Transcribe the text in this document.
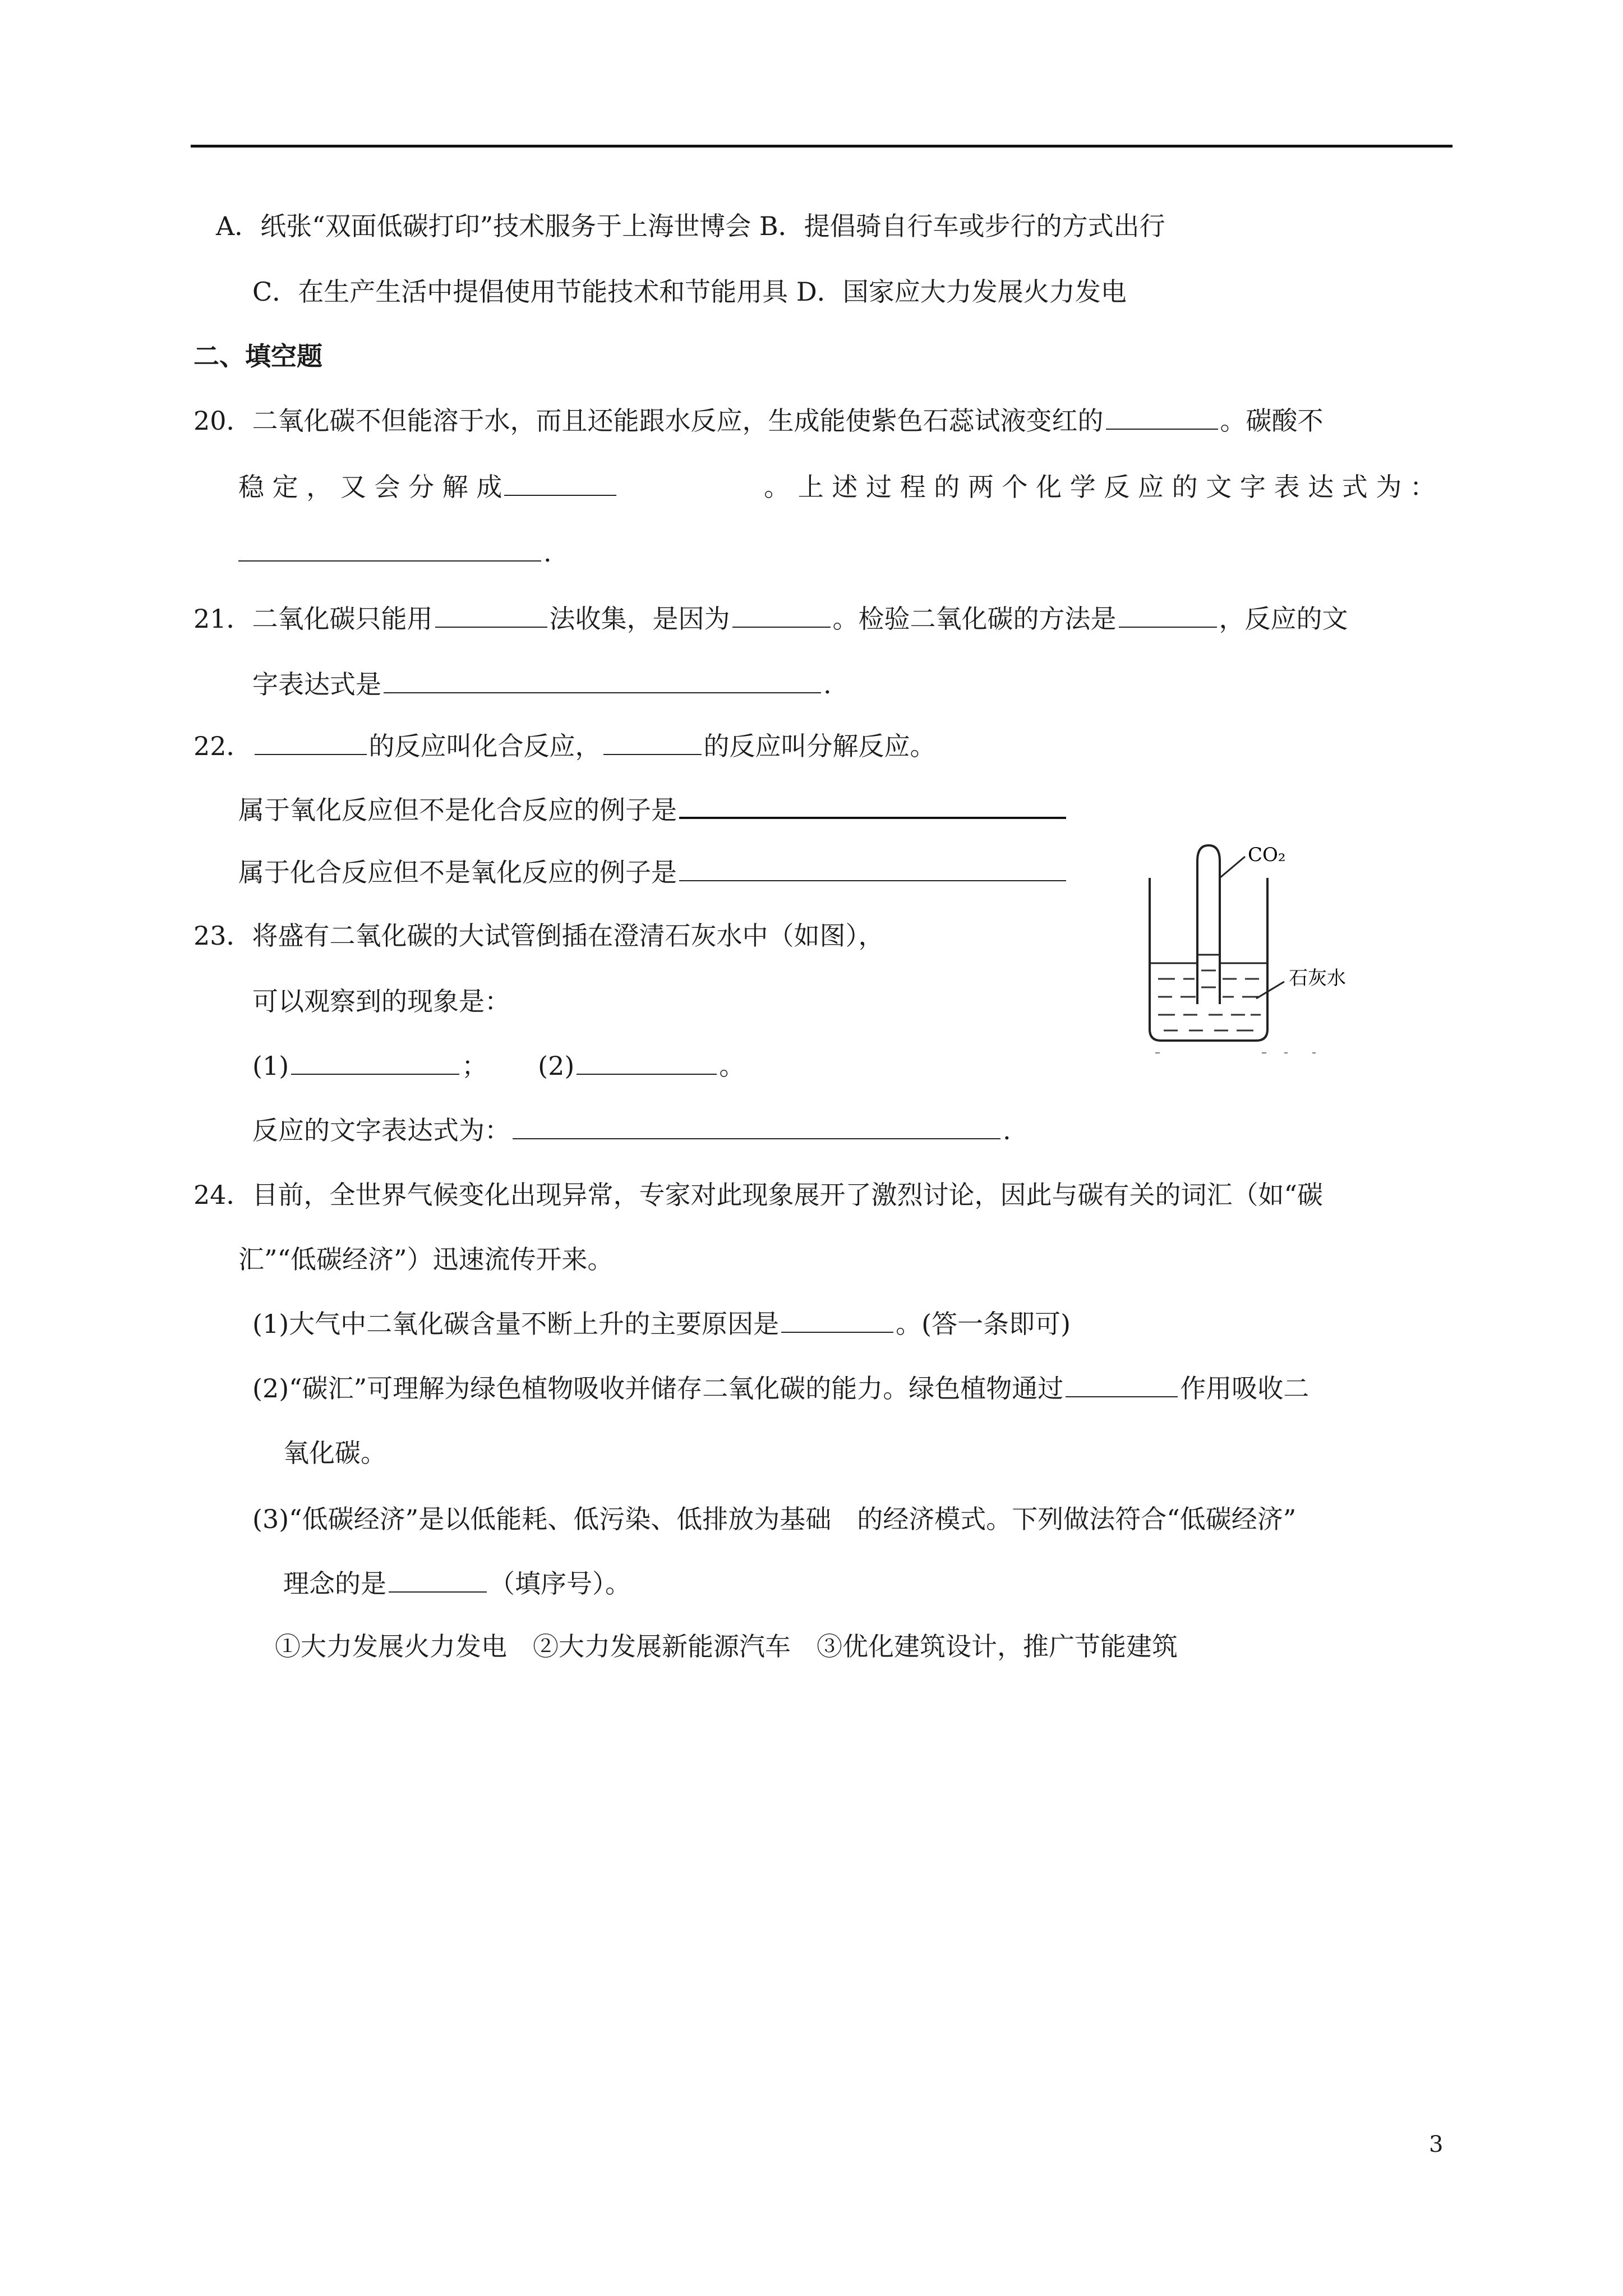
A．纸张“双面低碳打印”技术服务于上海世博会 B．提倡骑自行车或步行的方式出行
C．在生产生活中提倡使用节能技术和节能用具 D．国家应大力发展火力发电
二、填空题
20．二氧化碳不但能溶于水，而且还能跟水反应，生成能使紫色石蕊试液变红的	。碳酸不
稳 定 ， 又 会 分 解 成	。 上 述 过 程 的 两 个 化 学 反 应 的 文 字 表 达 式 为 ：
.
21．二氧化碳只能用	法收集，是因为	。检验二氧化碳的方法是	，反应的文
字表达式是	.
22．	的反应叫化合反应，	的反应叫分解反应。
属于氧化反应但不是化合反应的例子是
属于化合反应但不是氧化反应的例子是
23．将盛有二氧化碳的大试管倒插在澄清石灰水中（如图），
可以观察到的现象是：
(1)	； (2)	。
反应的文字表达式为：	.
CO₂
石灰水
24．目前，全世界气候变化出现异常，专家对此现象展开了激烈讨论，因此与碳有关的词汇（如“碳
汇”“低碳经济”）迅速流传开来。
(1)大气中二氧化碳含量不断上升的主要原因是	。(答一条即可)
(2)“碳汇”可理解为绿色植物吸收并储存二氧化碳的能力。绿色植物通过	作用吸收二
氧化碳。
(3)“低碳经济”是以低能耗、低污染、低排放为基础　的经济模式。下列做法符合“低碳经济”
理念的是	（填序号）。
①大力发展火力发电　②大力发展新能源汽车　③优化建筑设计，推广节能建筑
3
